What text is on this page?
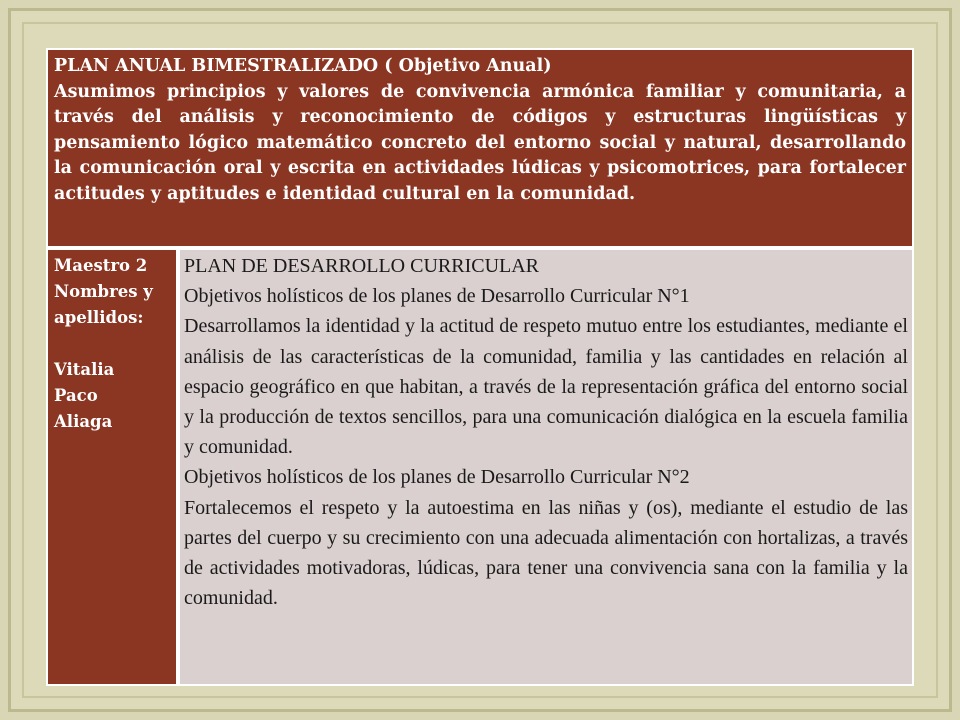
PLAN ANUAL BIMESTRALIZADO ( Objetivo Anual)
Asumimos principios y valores de convivencia armónica familiar y comunitaria, a través del análisis y reconocimiento de códigos y estructuras lingüísticas y pensamiento lógico matemático concreto del entorno social y natural, desarrollando la comunicación oral y escrita en actividades lúdicas y psicomotrices, para fortalecer actitudes y aptitudes e identidad cultural en la comunidad.
Maestro 2
Nombres y
apellidos:
Vitalia
Paco
Aliaga
PLAN DE DESARROLLO CURRICULAR
Objetivos holísticos de los planes de Desarrollo Curricular N°1
Desarrollamos la identidad y la actitud de respeto mutuo entre los estudiantes, mediante el análisis de las características de la comunidad, familia y las cantidades en relación al espacio geográfico en que habitan, a través de la representación gráfica del entorno social y la producción de textos sencillos, para una comunicación dialógica en la escuela familia y comunidad.
Objetivos holísticos de los planes de Desarrollo Curricular N°2
Fortalecemos el respeto y la autoestima en las niñas y (os), mediante el estudio de las partes del cuerpo y su crecimiento con una adecuada alimentación con hortalizas, a través de actividades motivadoras, lúdicas, para tener una convivencia sana con la familia y la comunidad.
